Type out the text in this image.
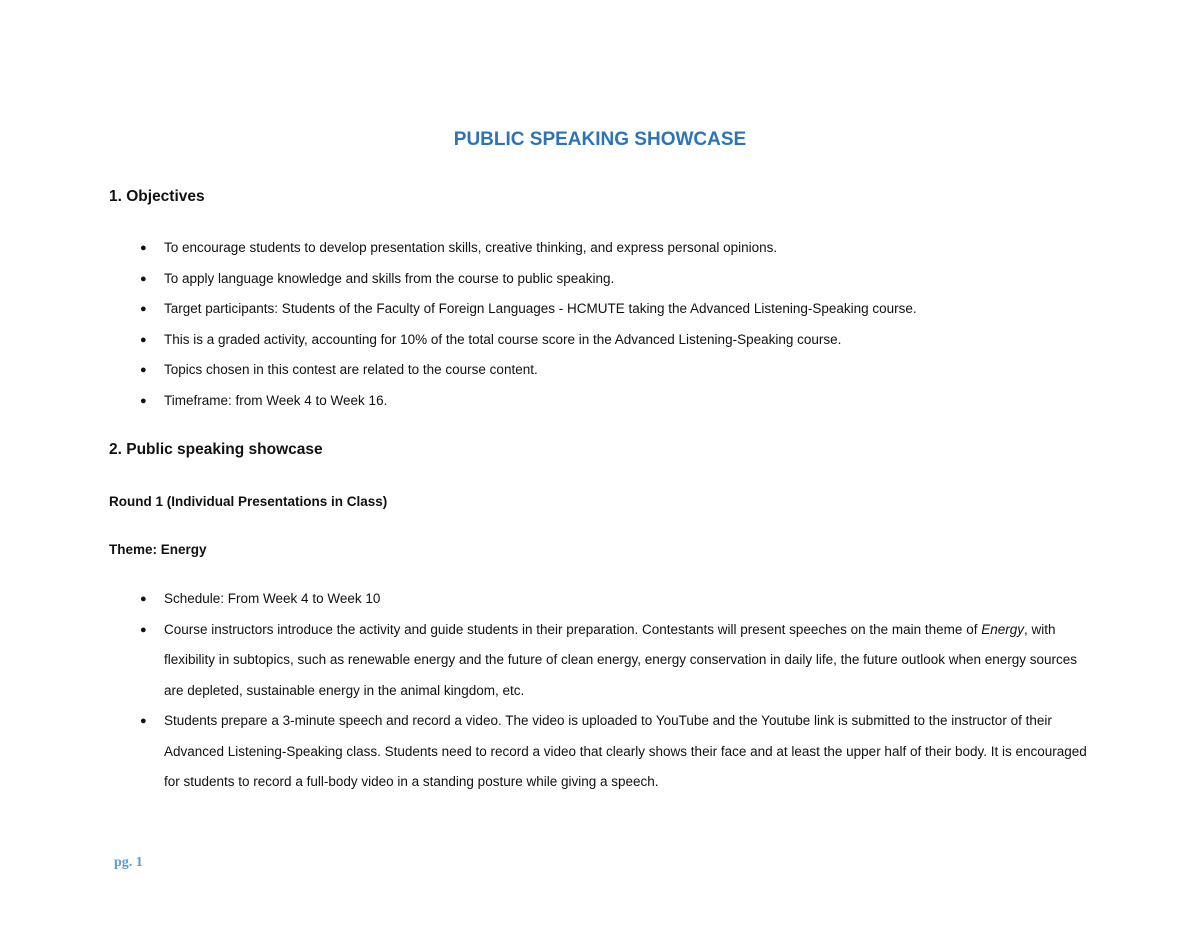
PUBLIC SPEAKING SHOWCASE
1. Objectives
● To encourage students to develop presentation skills, creative thinking, and express personal opinions.
● To apply language knowledge and skills from the course to public speaking.
● Target participants: Students of the Faculty of Foreign Languages - HCMUTE taking the Advanced Listening-Speaking course.
● This is a graded activity, accounting for 10% of the total course score in the Advanced Listening-Speaking course.
● Topics chosen in this contest are related to the course content.
● Timeframe: from Week 4 to Week 16.
2. Public speaking showcase
Round 1 (Individual Presentations in Class)
Theme: Energy
● Schedule: From Week 4 to Week 10
● Course instructors introduce the activity and guide students in their preparation. Contestants will present speeches on the main theme of Energy, with flexibility in subtopics, such as renewable energy and the future of clean energy, energy conservation in daily life, the future outlook when energy sources are depleted, sustainable energy in the animal kingdom, etc.
● Students prepare a 3-minute speech and record a video. The video is uploaded to YouTube and the Youtube link is submitted to the instructor of their Advanced Listening-Speaking class. Students need to record a video that clearly shows their face and at least the upper half of their body. It is encouraged for students to record a full-body video in a standing posture while giving a speech.
pg. 1
